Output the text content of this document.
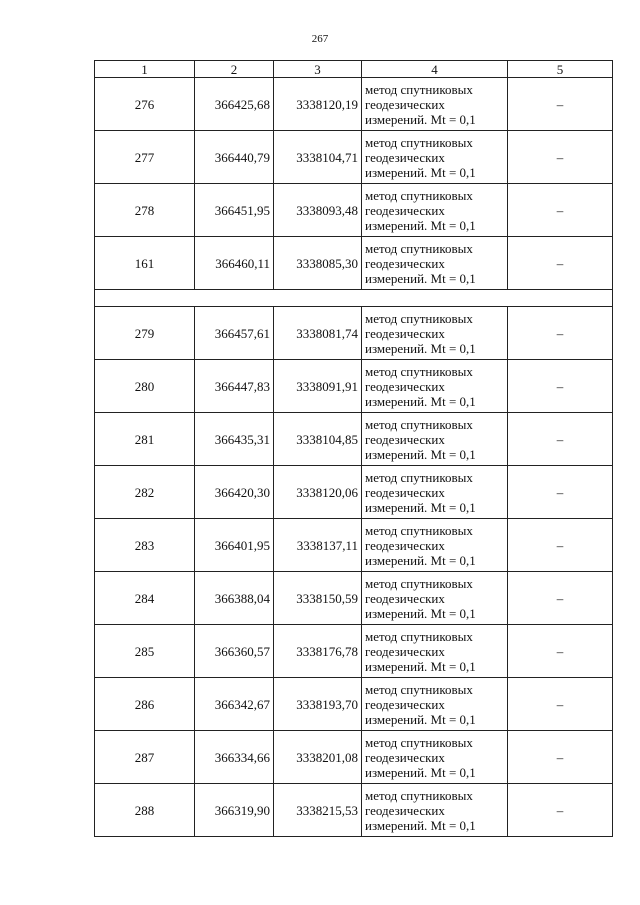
267
1	2	3	4	5
276	366425,68	3338120,19	метод спутниковых геодезических измерений. Mt = 0,1	–
277	366440,79	3338104,71	метод спутниковых геодезических измерений. Mt = 0,1	–
278	366451,95	3338093,48	метод спутниковых геодезических измерений. Mt = 0,1	–
161	366460,11	3338085,30	метод спутниковых геодезических измерений. Mt = 0,1	–

279	366457,61	3338081,74	метод спутниковых геодезических измерений. Mt = 0,1	–
280	366447,83	3338091,91	метод спутниковых геодезических измерений. Mt = 0,1	–
281	366435,31	3338104,85	метод спутниковых геодезических измерений. Mt = 0,1	–
282	366420,30	3338120,06	метод спутниковых геодезических измерений. Mt = 0,1	–
283	366401,95	3338137,11	метод спутниковых геодезических измерений. Mt = 0,1	–
284	366388,04	3338150,59	метод спутниковых геодезических измерений. Mt = 0,1	–
285	366360,57	3338176,78	метод спутниковых геодезических измерений. Mt = 0,1	–
286	366342,67	3338193,70	метод спутниковых геодезических измерений. Mt = 0,1	–
287	366334,66	3338201,08	метод спутниковых геодезических измерений. Mt = 0,1	–
288	366319,90	3338215,53	метод спутниковых геодезических измерений. Mt = 0,1	–
